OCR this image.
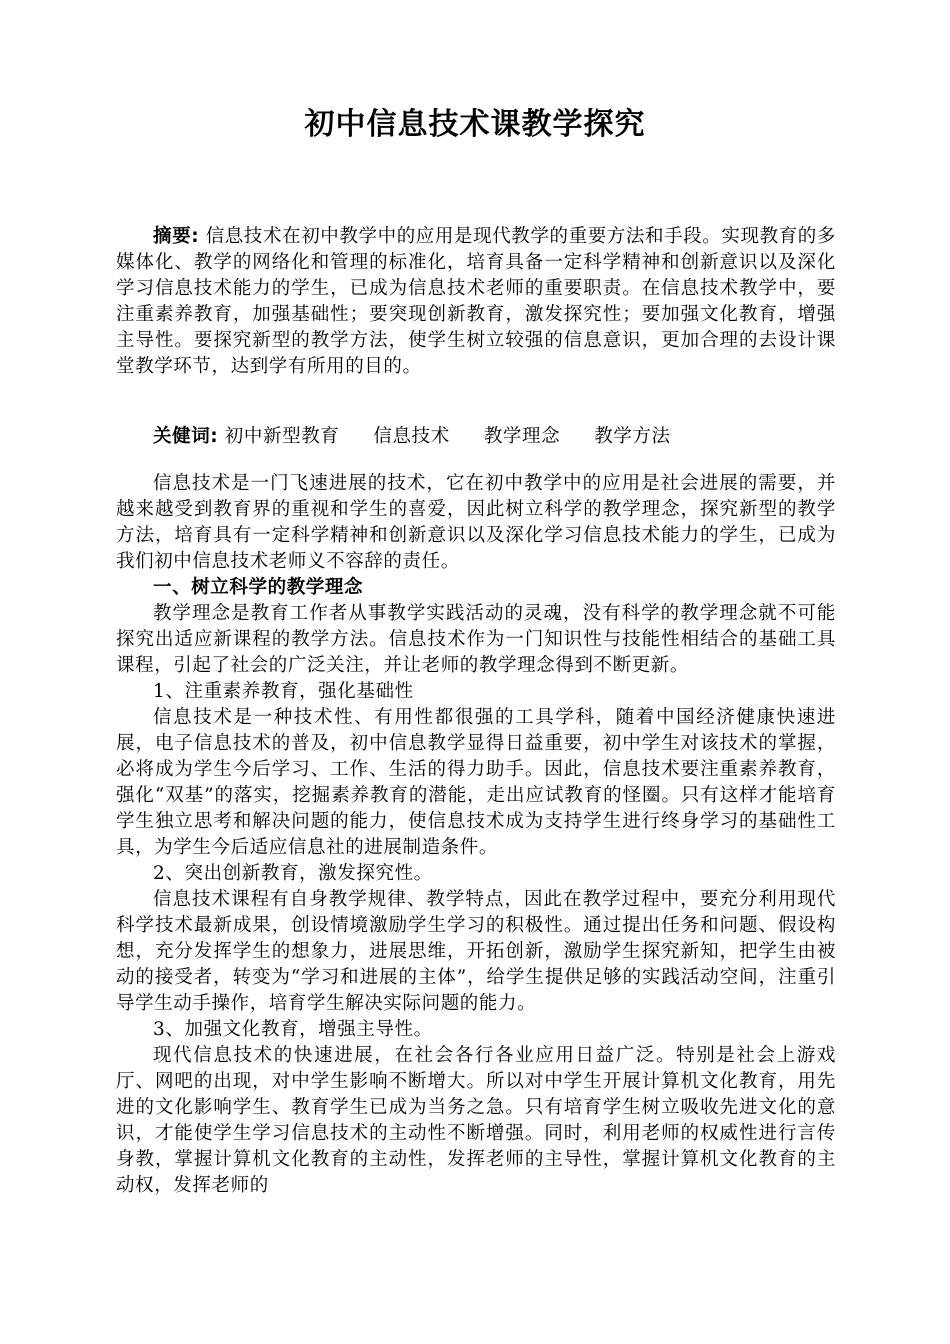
初中信息技术课教学探究

摘要: 信息技术在初中教学中的应用是现代教学的重要方法和手段。实现教育的多媒体化、教学的网络化和管理的标准化，培育具备一定科学精神和创新意识以及深化学习信息技术能力的学生，已成为信息技术老师的重要职责。在信息技术教学中，要注重素养教育，加强基础性；要突现创新教育，激发探究性；要加强文化教育，增强主导性。要探究新型的教学方法，使学生树立较强的信息意识，更加合理的去设计课堂教学环节，达到学有所用的目的。

关健词: 初中新型教育 信息技术 教学理念 教学方法

信息技术是一门飞速进展的技术，它在初中教学中的应用是社会进展的需要，并越来越受到教育界的重视和学生的喜爱，因此树立科学的教学理念，探究新型的教学方法，培育具有一定科学精神和创新意识以及深化学习信息技术能力的学生，已成为我们初中信息技术老师义不容辞的责任。

一、树立科学的教学理念

教学理念是教育工作者从事教学实践活动的灵魂，没有科学的教学理念就不可能探究出适应新课程的教学方法。信息技术作为一门知识性与技能性相结合的基础工具课程，引起了社会的广泛关注，并让老师的教学理念得到不断更新。

1、注重素养教育，强化基础性

信息技术是一种技术性、有用性都很强的工具学科，随着中国经济健康快速进展，电子信息技术的普及，初中信息教学显得日益重要，初中学生对该技术的掌握，必将成为学生今后学习、工作、生活的得力助手。因此，信息技术要注重素养教育，强化“双基”的落实，挖掘素养教育的潜能，走出应试教育的怪圈。只有这样才能培育学生独立思考和解决问题的能力，使信息技术成为支持学生进行终身学习的基础性工具，为学生今后适应信息社的进展制造条件。

2、突出创新教育，激发探究性。

信息技术课程有自身教学规律、教学特点，因此在教学过程中，要充分利用现代科学技术最新成果，创设情境激励学生学习的积极性。通过提出任务和问题、假设构想，充分发挥学生的想象力，进展思维，开拓创新，激励学生探究新知，把学生由被动的接受者，转变为“学习和进展的主体”，给学生提供足够的实践活动空间，注重引导学生动手操作，培育学生解决实际问题的能力。

3、加强文化教育，增强主导性。

现代信息技术的快速进展，在社会各行各业应用日益广泛。特别是社会上游戏厅、网吧的出现，对中学生影响不断增大。所以对中学生开展计算机文化教育，用先进的文化影响学生、教育学生已成为当务之急。只有培育学生树立吸收先进文化的意识，才能使学生学习信息技术的主动性不断增强。同时，利用老师的权威性进行言传身教，掌握计算机文化教育的主动性，发挥老师的主导性，掌握计算机文化教育的主动权，发挥老师的
